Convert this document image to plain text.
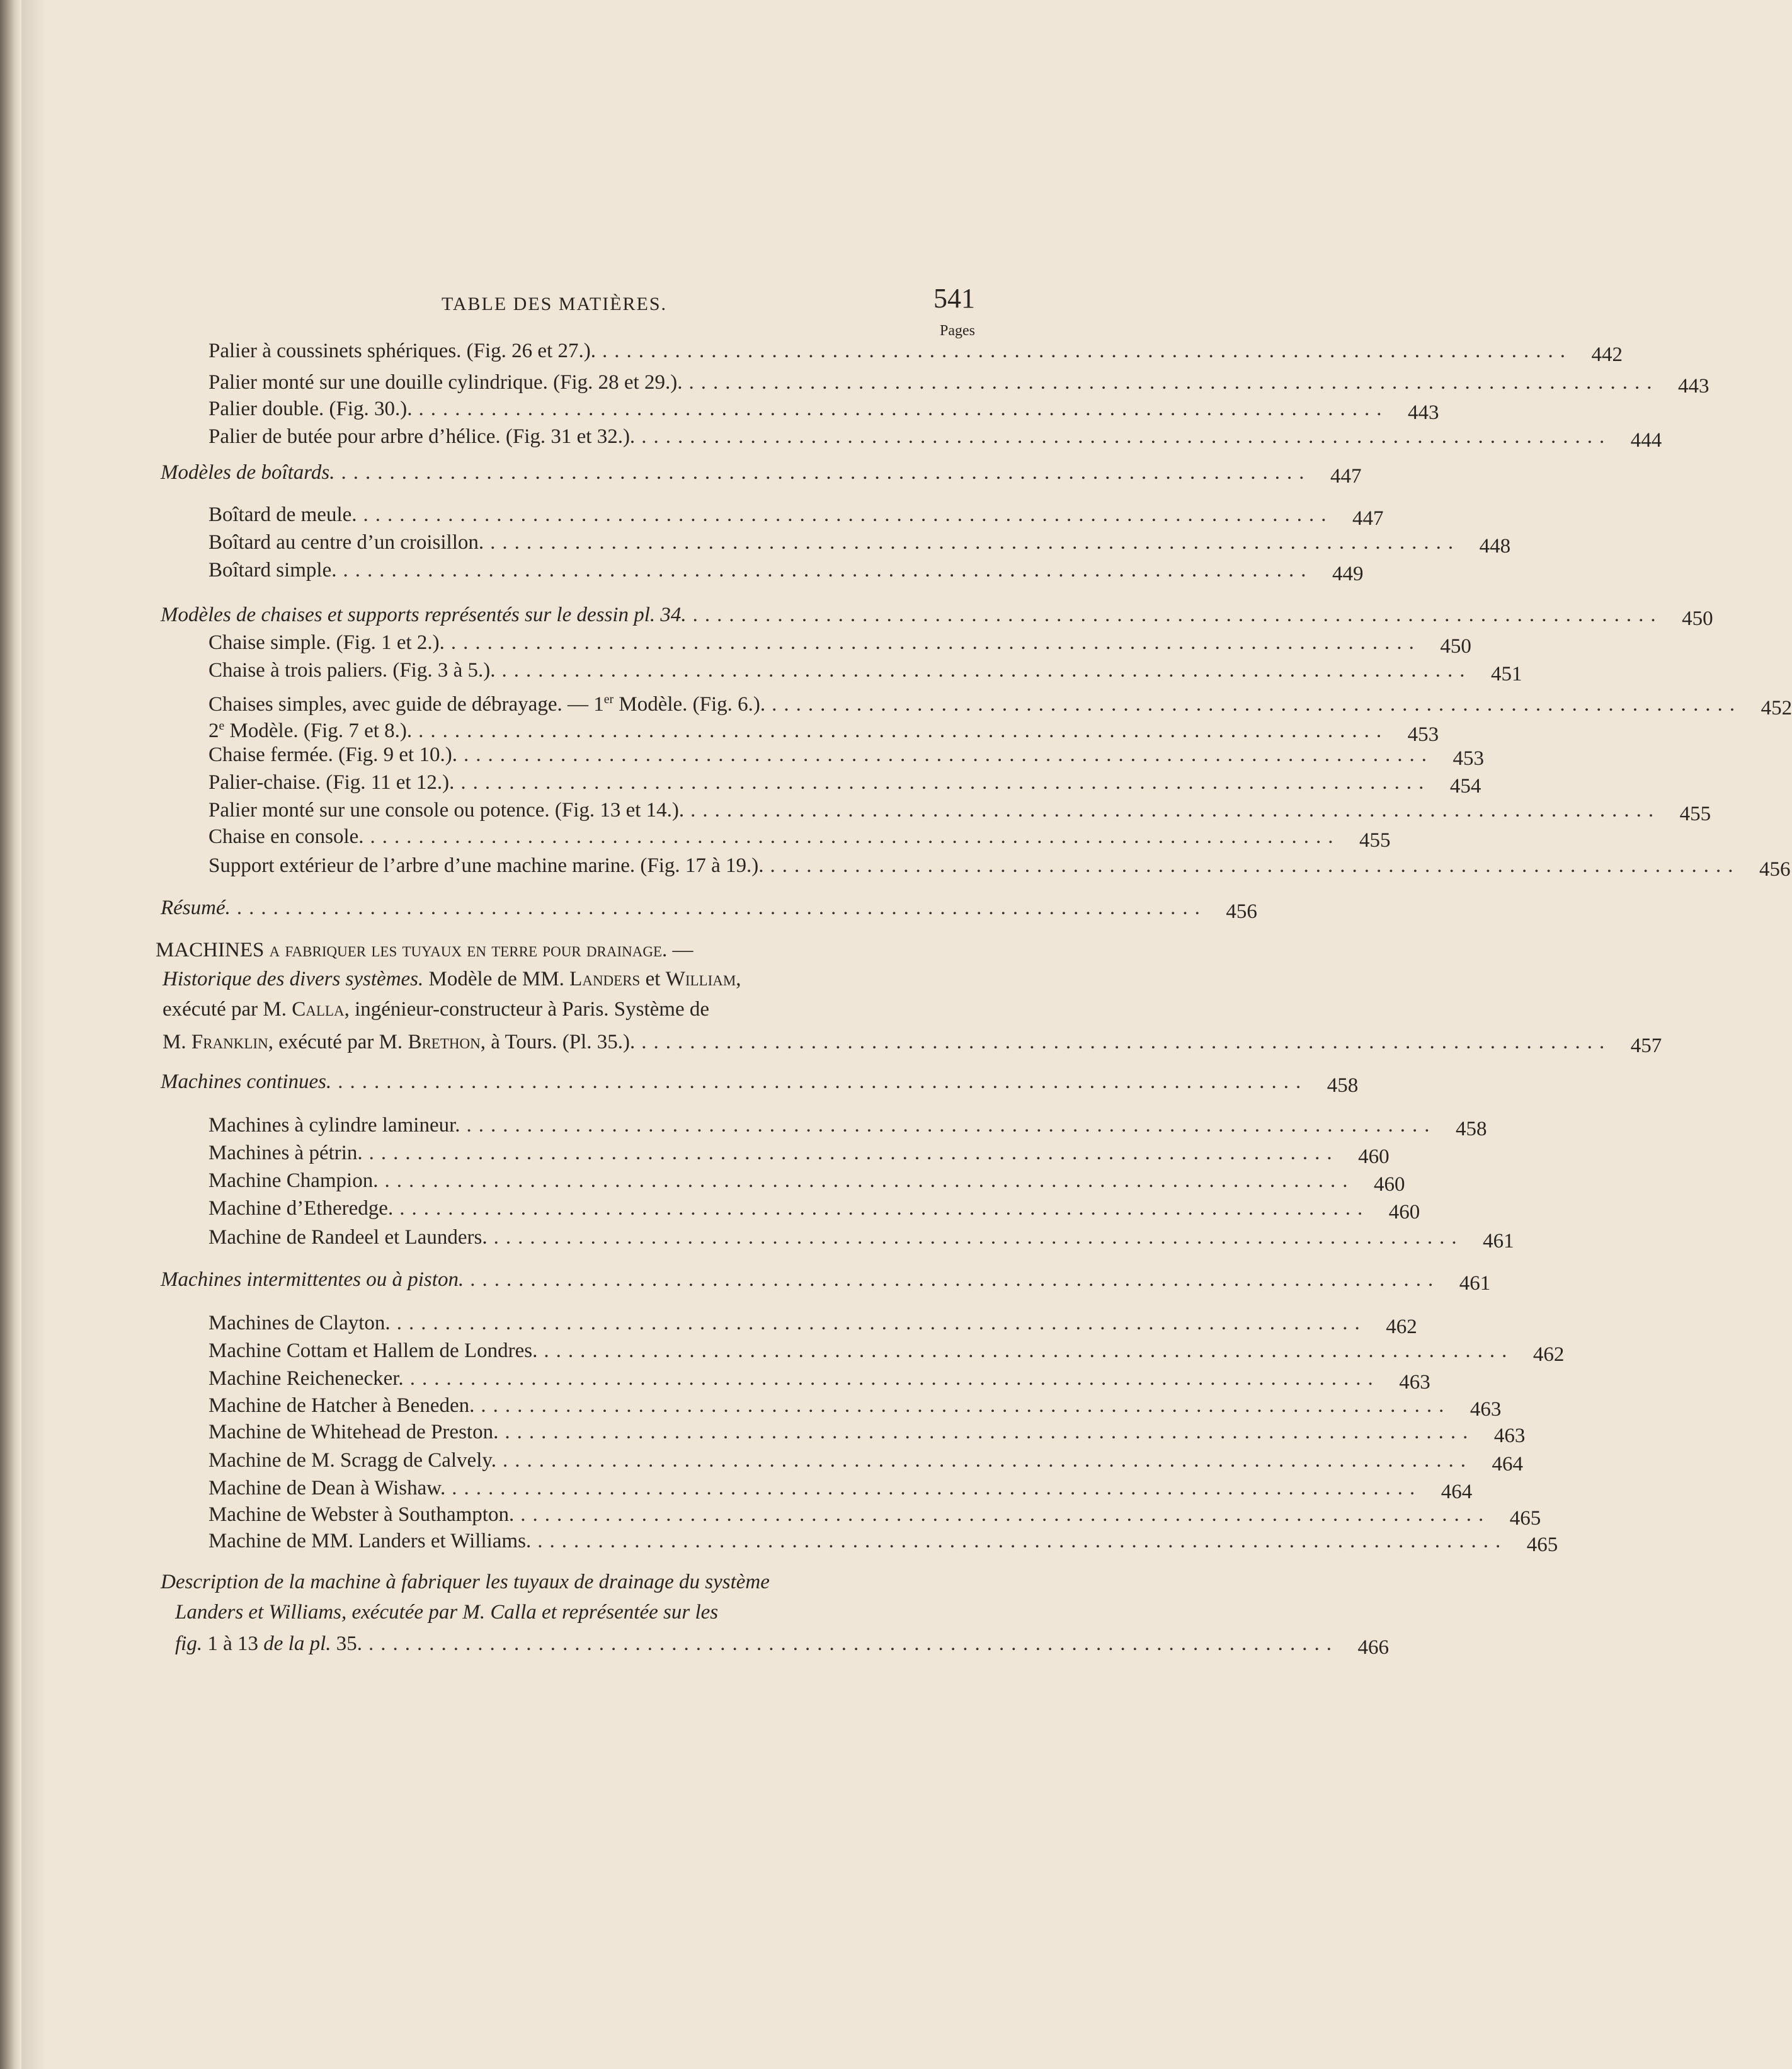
TABLE DES MATIÈRES.	541
Pages
Palier à coussinets sphériques. (Fig. 26 et 27.). ................................................................................ 442
Palier monté sur une douille cylindrique. (Fig. 28 et 29.). ................................................................................ 443
Palier double. (Fig. 30.). ................................................................................ 443
Palier de butée pour arbre d’hélice. (Fig. 31 et 32.). ................................................................................ 444
Modèles de boîtards. ................................................................................ 447
Boîtard de meule. ................................................................................ 447
Boîtard au centre d’un croisillon. ................................................................................ 448
Boîtard simple. ................................................................................ 449
Modèles de chaises et supports représentés sur le dessin pl. 34. ................................................................................ 450
Chaise simple. (Fig. 1 et 2.). ................................................................................ 450
Chaise à trois paliers. (Fig. 3 à 5.). ................................................................................ 451
Chaises simples, avec guide de débrayage. — 1er Modèle. (Fig. 6.). ................................................................................ 452
2e Modèle. (Fig. 7 et 8.). ................................................................................ 453
Chaise fermée. (Fig. 9 et 10.). ................................................................................ 453
Palier-chaise. (Fig. 11 et 12.). ................................................................................ 454
Palier monté sur une console ou potence. (Fig. 13 et 14.). ................................................................................ 455
Chaise en console. ................................................................................ 455
Support extérieur de l’arbre d’une machine marine. (Fig. 17 à 19.). ................................................................................ 456
Résumé. ................................................................................ 456
MACHINES a fabriquer les tuyaux en terre pour drainage. —
Historique des divers systèmes. Modèle de MM. Landers et William,
exécuté par M. Calla, ingénieur-constructeur à Paris. Système de
M. Franklin, exécuté par M. Brethon, à Tours. (Pl. 35.). ................................................................................ 457
Machines continues. ................................................................................ 458
Machines à cylindre lamineur. ................................................................................ 458
Machines à pétrin. ................................................................................ 460
Machine Champion. ................................................................................ 460
Machine d’Etheredge. ................................................................................ 460
Machine de Randeel et Launders. ................................................................................ 461
Machines intermittentes ou à piston. ................................................................................ 461
Machines de Clayton. ................................................................................ 462
Machine Cottam et Hallem de Londres. ................................................................................ 462
Machine Reichenecker. ................................................................................ 463
Machine de Hatcher à Beneden. ................................................................................ 463
Machine de Whitehead de Preston. ................................................................................ 463
Machine de M. Scragg de Calvely. ................................................................................ 464
Machine de Dean à Wishaw. ................................................................................ 464
Machine de Webster à Southampton. ................................................................................ 465
Machine de MM. Landers et Williams. ................................................................................ 465
Description de la machine à fabriquer les tuyaux de drainage du système
Landers et Williams, exécutée par M. Calla et représentée sur les
fig. 1 à 13 de la pl. 35. ................................................................................ 466
